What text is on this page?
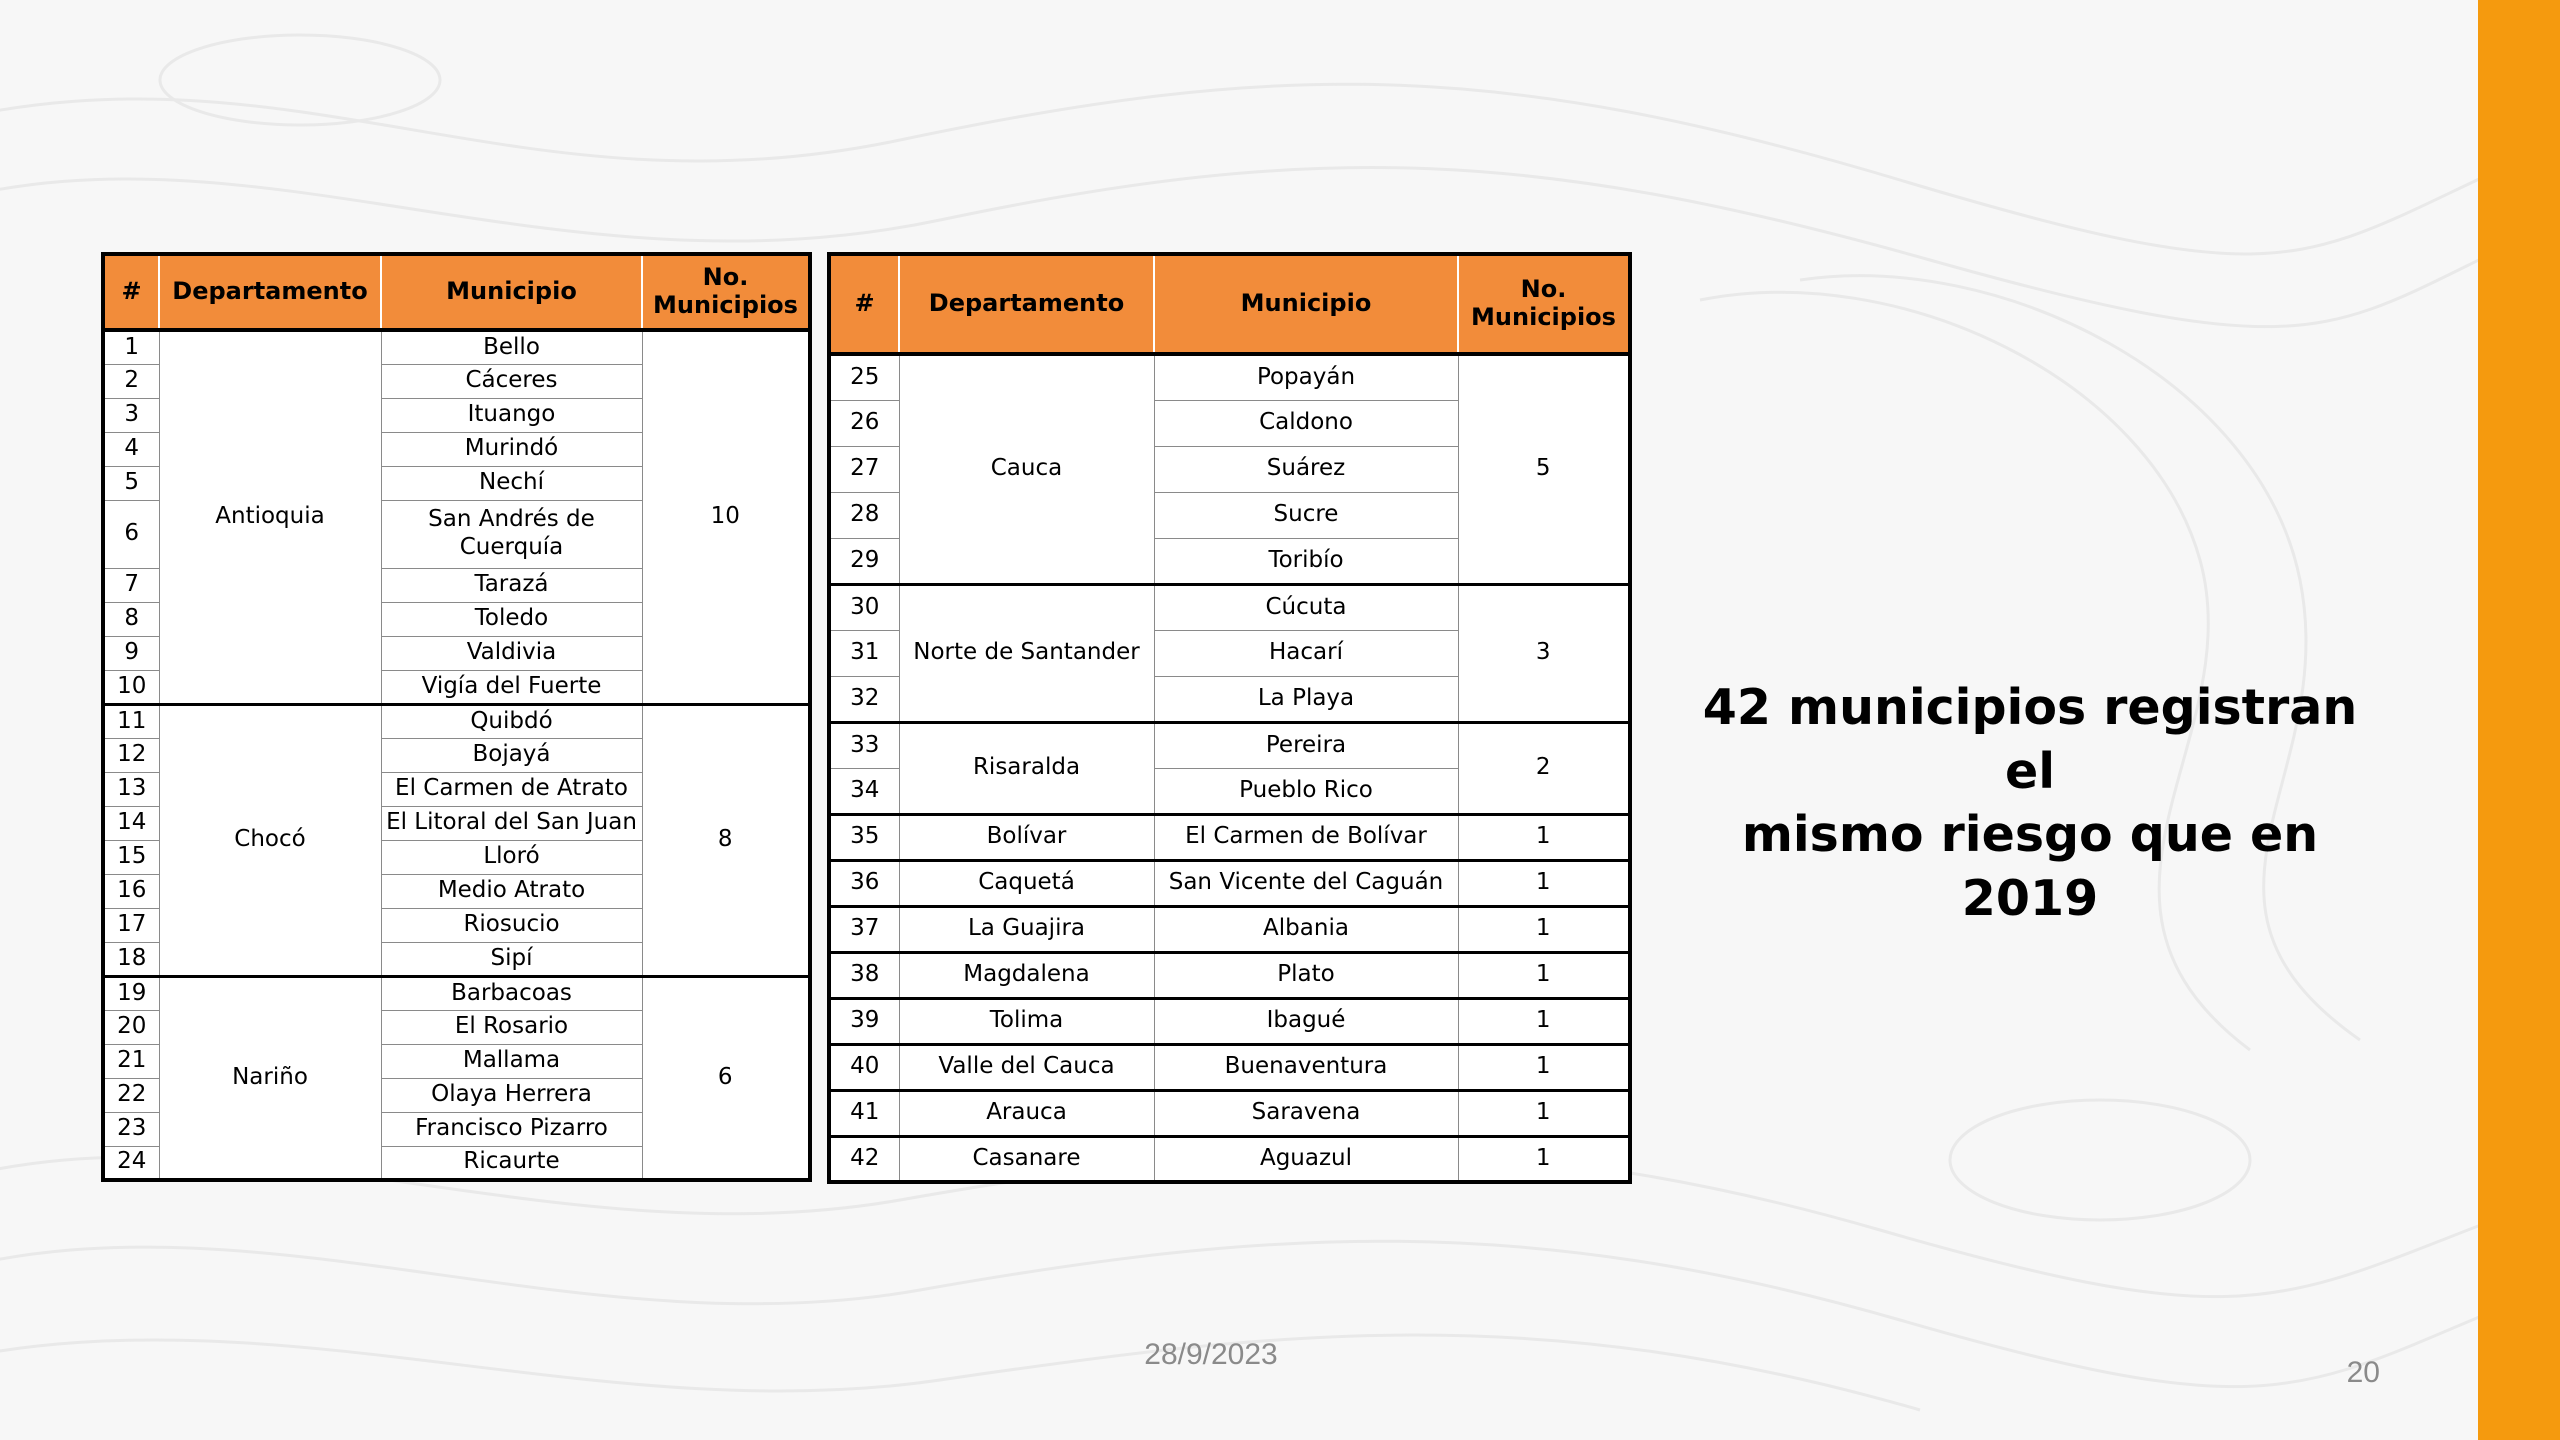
#	Departamento	Municipio	No. Municipios
1	Antioquia	Bello	10
2		Cáceres	
3		Ituango	
4		Murindó	
5		Nechí	
6		San Andrés de Cuerquía	
7		Tarazá	
8		Toledo	
9		Valdivia	
10		Vigía del Fuerte	
11	Chocó	Quibdó	8
12		Bojayá	
13		El Carmen de Atrato	
14		El Litoral del San Juan	
15		Lloró	
16		Medio Atrato	
17		Riosucio	
18		Sipí	
19	Nariño	Barbacoas	6
20		El Rosario	
21		Mallama	
22		Olaya Herrera	
23		Francisco Pizarro	
24		Ricaurte	
#	Departamento	Municipio	No. Municipios
25	Cauca	Popayán	5
26		Caldono	
27		Suárez	
28		Sucre	
29		Toribío	
30	Norte de Santander	Cúcuta	3
31		Hacarí	
32		La Playa	
33	Risaralda	Pereira	2
34		Pueblo Rico	
35	Bolívar	El Carmen de Bolívar	1
36	Caquetá	San Vicente del Caguán	1
37	La Guajira	Albania	1
38	Magdalena	Plato	1
39	Tolima	Ibagué	1
40	Valle del Cauca	Buenaventura	1
41	Arauca	Saravena	1
42	Casanare	Aguazul	1
42 municipios registran el
mismo riesgo que en 2019
28/9/2023
20
